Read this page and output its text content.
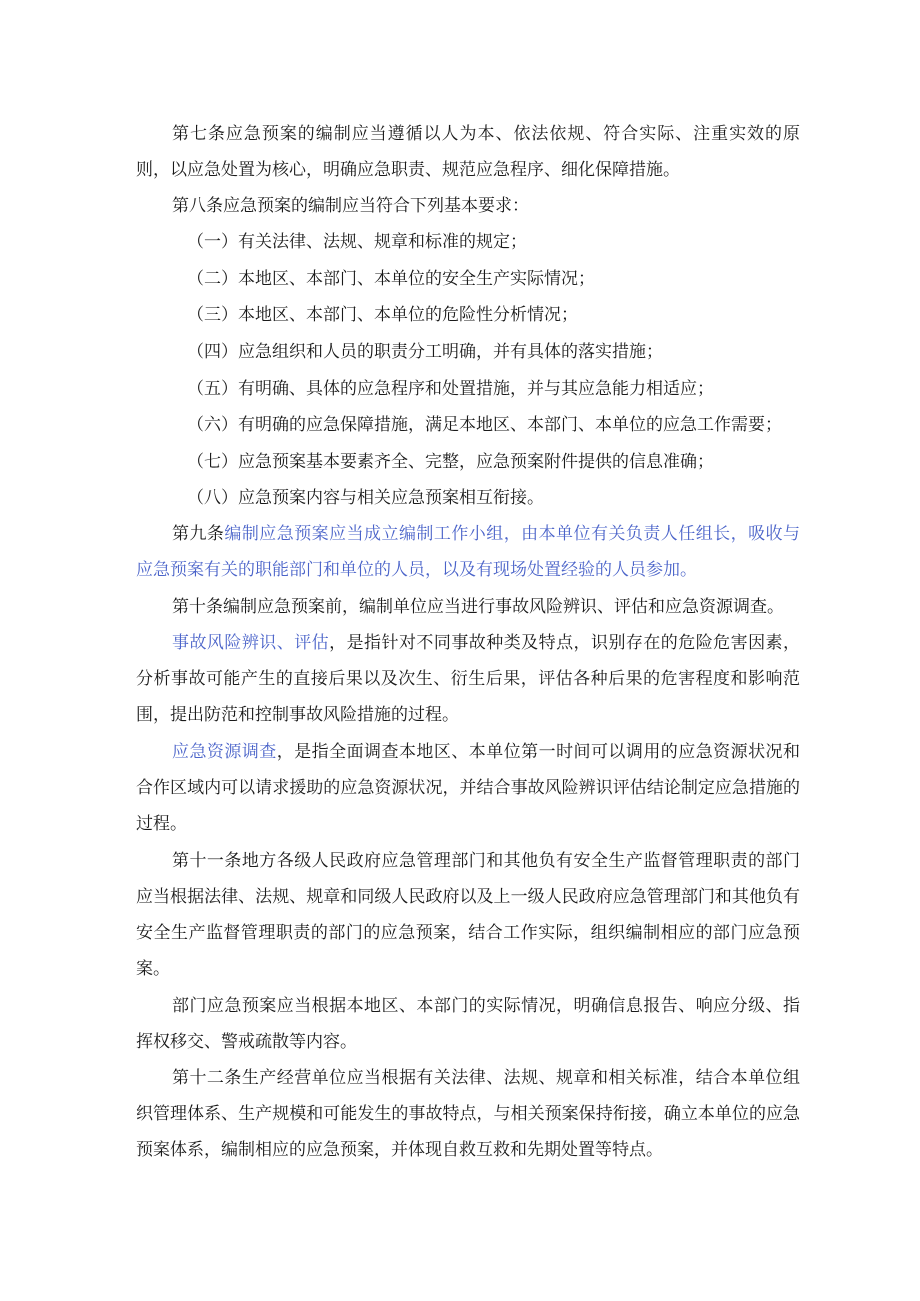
第七条应急预案的编制应当遵循以人为本、依法依规、符合实际、注重实效的原则，以应急处置为核心，明确应急职责、规范应急程序、细化保障措施。

第八条应急预案的编制应当符合下列基本要求：

（一）有关法律、法规、规章和标准的规定；

（二）本地区、本部门、本单位的安全生产实际情况；

（三）本地区、本部门、本单位的危险性分析情况；

（四）应急组织和人员的职责分工明确，并有具体的落实措施；

（五）有明确、具体的应急程序和处置措施，并与其应急能力相适应；

（六）有明确的应急保障措施，满足本地区、本部门、本单位的应急工作需要；

（七）应急预案基本要素齐全、完整，应急预案附件提供的信息准确；

（八）应急预案内容与相关应急预案相互衔接。

第九条编制应急预案应当成立编制工作小组，由本单位有关负责人任组长，吸收与应急预案有关的职能部门和单位的人员，以及有现场处置经验的人员参加。

第十条编制应急预案前，编制单位应当进行事故风险辨识、评估和应急资源调查。

事故风险辨识、评估，是指针对不同事故种类及特点，识别存在的危险危害因素，分析事故可能产生的直接后果以及次生、衍生后果，评估各种后果的危害程度和影响范围，提出防范和控制事故风险措施的过程。

应急资源调查，是指全面调查本地区、本单位第一时间可以调用的应急资源状况和合作区域内可以请求援助的应急资源状况，并结合事故风险辨识评估结论制定应急措施的过程。

第十一条地方各级人民政府应急管理部门和其他负有安全生产监督管理职责的部门应当根据法律、法规、规章和同级人民政府以及上一级人民政府应急管理部门和其他负有安全生产监督管理职责的部门的应急预案，结合工作实际，组织编制相应的部门应急预案。

部门应急预案应当根据本地区、本部门的实际情况，明确信息报告、响应分级、指挥权移交、警戒疏散等内容。

第十二条生产经营单位应当根据有关法律、法规、规章和相关标准，结合本单位组织管理体系、生产规模和可能发生的事故特点，与相关预案保持衔接，确立本单位的应急预案体系，编制相应的应急预案，并体现自救互救和先期处置等特点。
